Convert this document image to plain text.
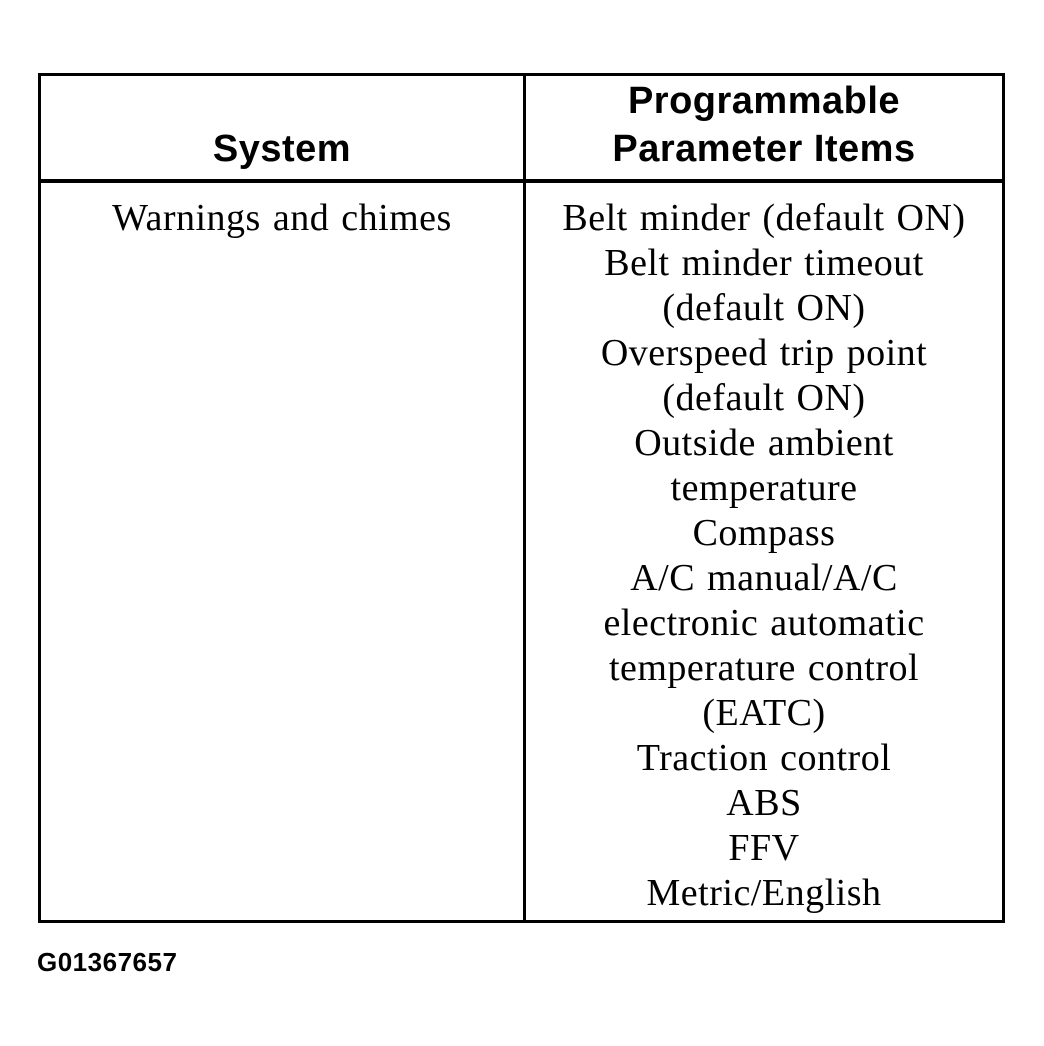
System
Programmable
Parameter Items
Warnings and chimes	Belt minder (default ON)
Belt minder timeout
(default ON)
Overspeed trip point
(default ON)
Outside ambient
temperature
Compass
A/C manual/A/C
electronic automatic
temperature control
(EATC)
Traction control
ABS
FFV
Metric/English
G01367657
